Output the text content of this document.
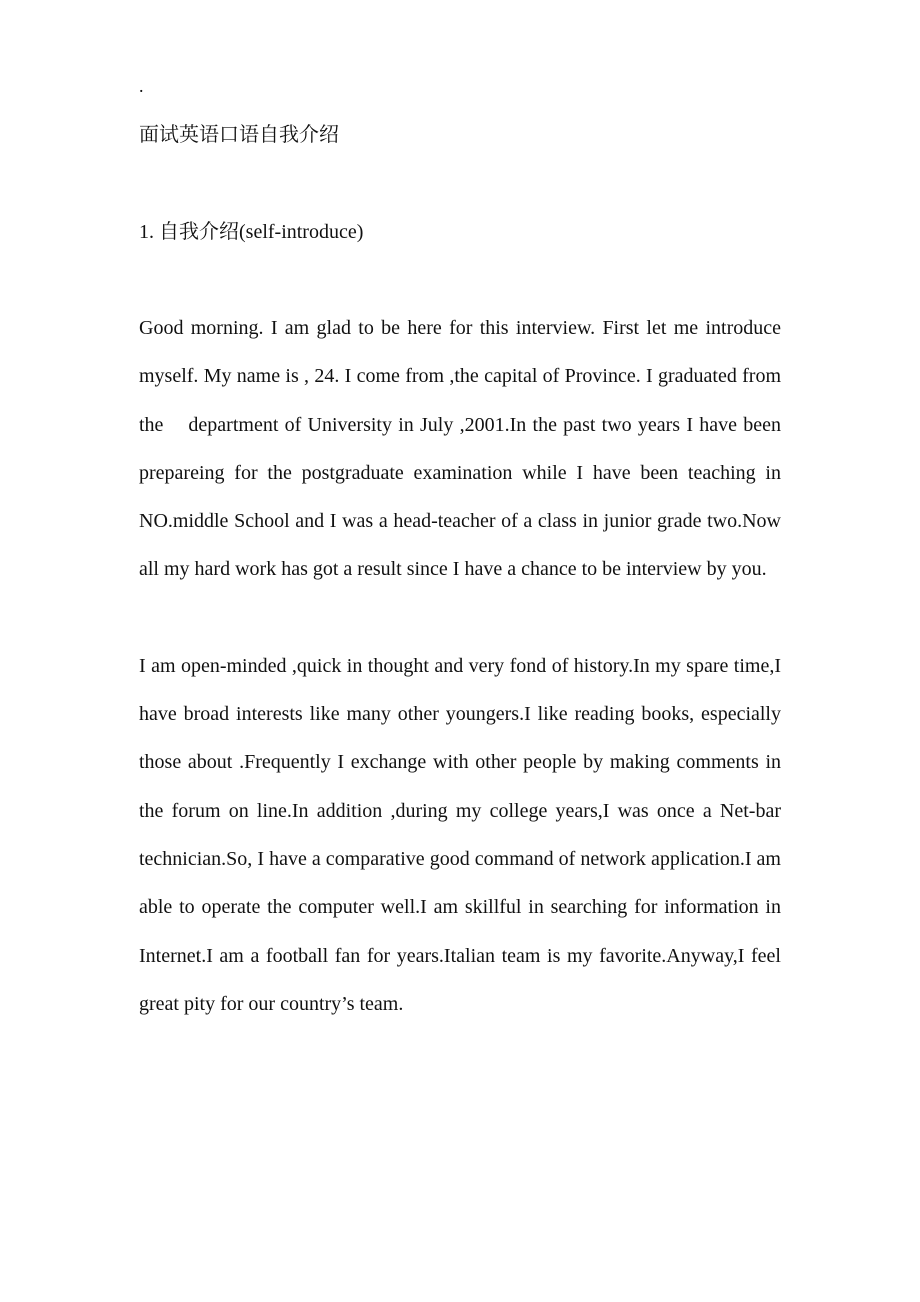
.

面试英语口语自我介绍
1. 自我介绍(self-introduce)

Good morning. I am glad to be here for this interview. First let me introduce myself. My name is , 24. I come from ,the capital of Province. I graduated from the    department of University in July ,2001.In the past two years I have been prepareing for the postgraduate examination while I have been teaching in NO.middle School and I was a head-teacher of a class in junior grade two.Now all my hard work has got a result since I have a chance to be interview by you.

I am open-minded ,quick in thought and very fond of history.In my spare time,I have broad interests like many other youngers.I like reading books, especially those about .Frequently I exchange with other people by making comments in the forum on line.In addition ,during my college years,I was once a Net-bar technician.So, I have a comparative good command of network application.I am able to operate the computer well.I am skillful in searching for information in Internet.I am a football fan for years.Italian team is my favorite.Anyway,I feel great pity for our country’s team.
